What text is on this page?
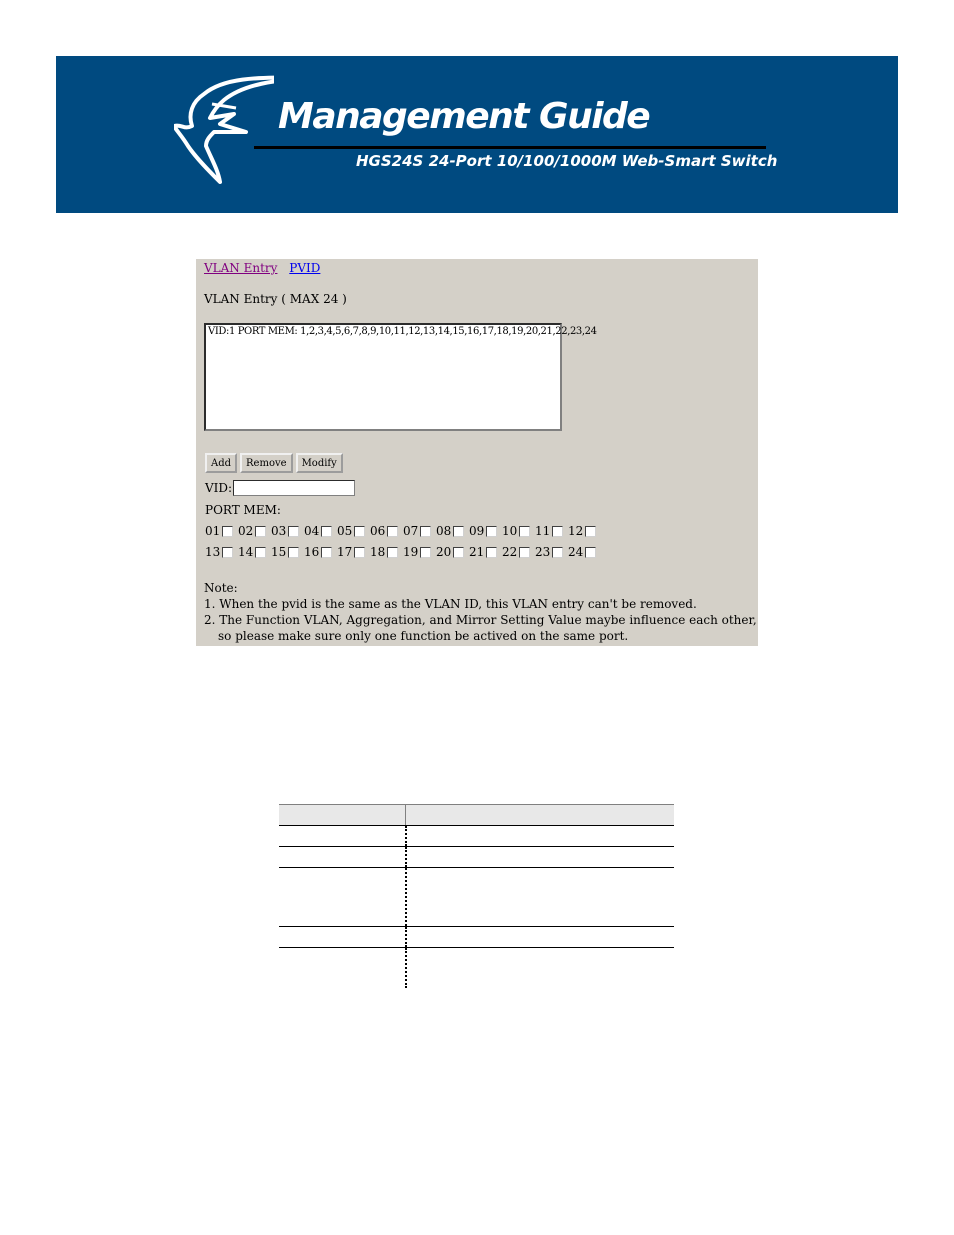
Management Guide
HGS24S 24-Port 10/100/1000M Web-Smart Switch
VLAN Entry PVID
VLAN Entry ( MAX 24 )
VID:1 PORT MEM: 1,2,3,4,5,6,7,8,9,10,11,12,13,14,15,16,17,18,19,20,21,22,23,24
Add	Remove	Modify
VID:
PORT MEM:
01 02 03 04 05 06 07 08 09 10 11 12
13 14 15 16 17 18 19 20 21 22 23 24
Note:
1. When the pvid is the same as the VLAN ID, this VLAN entry can't be removed.
2. The Function VLAN, Aggregation, and Mirror Setting Value maybe influence each other,
so please make sure only one function be actived on the same port.
